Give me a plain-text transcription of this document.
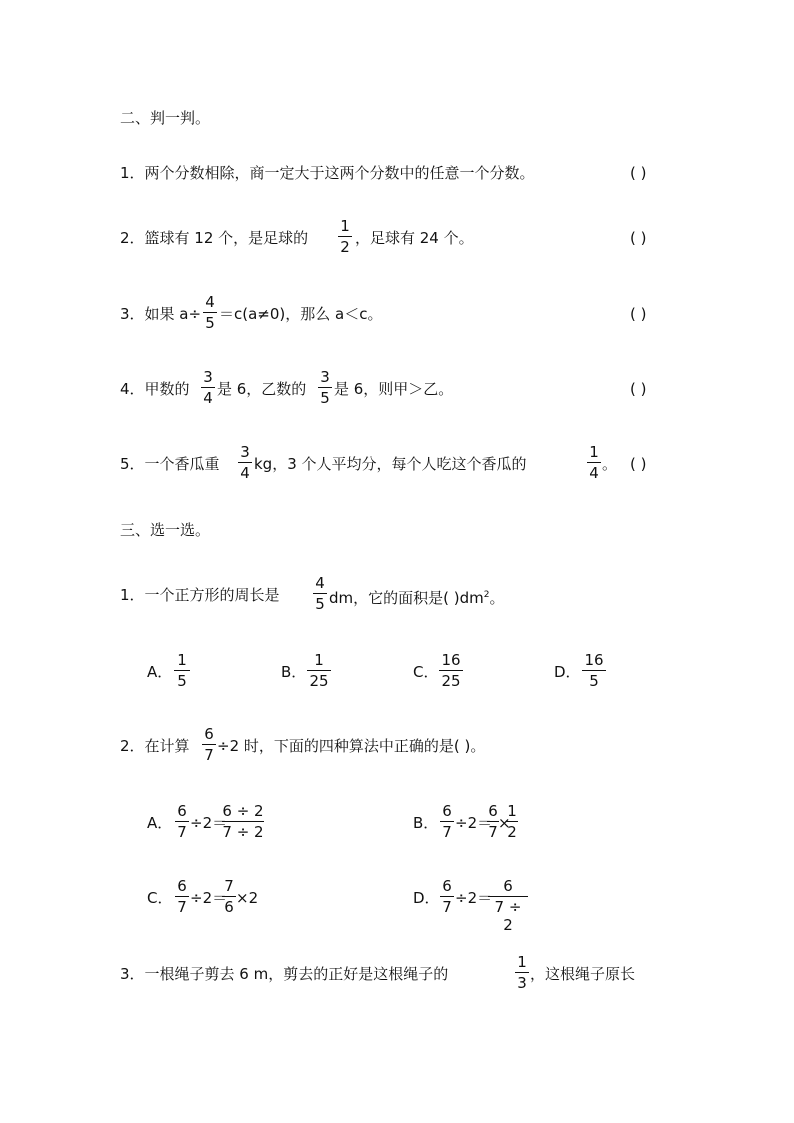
二、判一判。
1．两个分数相除，商一定大于这两个分数中的任意一个分数。	( )
2．篮球有 12 个，是足球的
1
2 ，足球有 24 个。	( )
3．如果 a÷
4
5 ＝c(a≠0)，那么 a＜c。	( )
4．甲数的
3
4 是 6，乙数的
3
5 是 6，则甲＞乙。	( )
5．一个香瓜重
3
4 kg，3 个人平均分，每个人吃这个香瓜的
1
4 。 ( )
三、选一选。
1．一个正方形的周长是
4
5 dm，它的面积是( )$dm^2$。
A．
1
5	B．
1
25	C．
16
25	D．
16
5
2．在计算
6
7 ÷2 时，下面的四种算法中正确的是( )。
A．
6
7 ÷2＝
6 ÷ 2
7 ÷ 2	B．
6
7 ÷2＝
6
7 ×
1
2
C．
6
7 ÷2＝
7
6 ×2	D．
6
7 ÷2＝
6
7 ÷ 2
3．一根绳子剪去 6 m，剪去的正好是这根绳子的
1
3 ，这根绳子原长
